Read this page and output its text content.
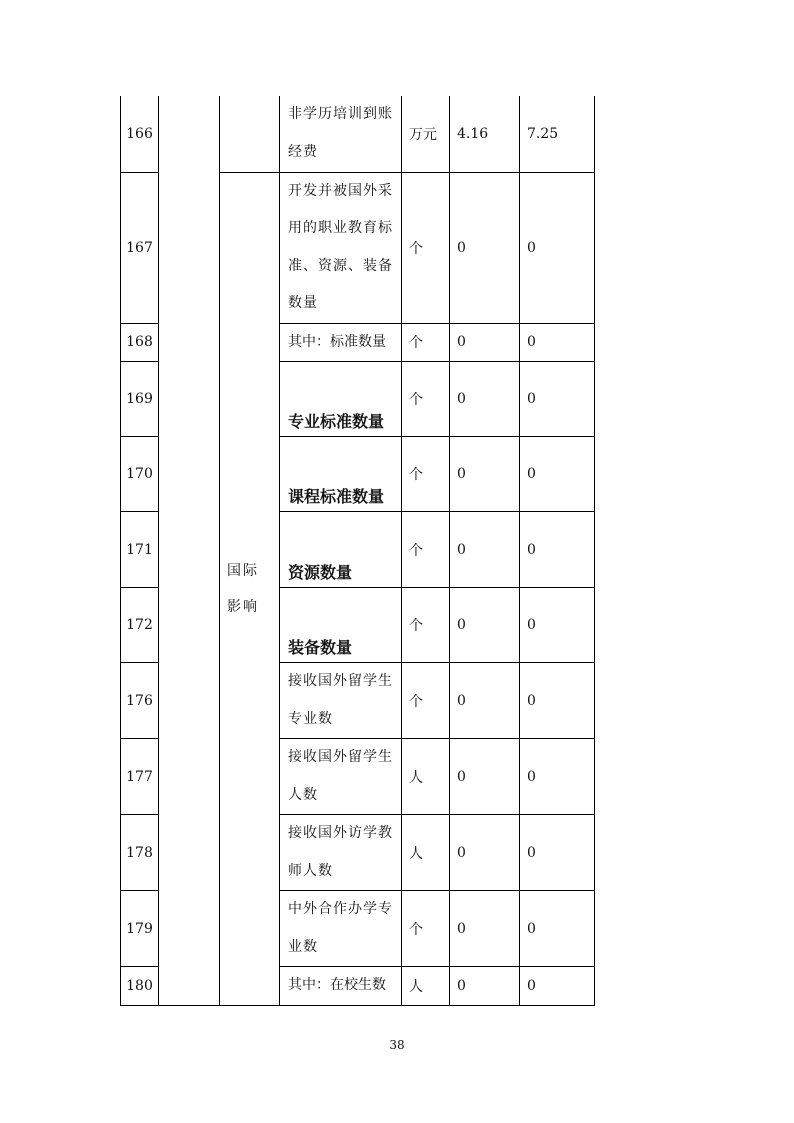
166			非学历培训到账经费	万元	4.16	7.25
167		国际影响	开发并被国外采用的职业教育标准、资源、装备数量	个	0	0
168			其中：标准数量	个	0	0
169			专业标准数量	个	0	0
170			课程标准数量	个	0	0
171			资源数量	个	0	0
172			装备数量	个	0	0
176			接收国外留学生专业数	个	0	0
177			接收国外留学生人数	人	0	0
178			接收国外访学教师人数	人	0	0
179			中外合作办学专业数	个	0	0
180			其中：在校生数	人	0	0
38
